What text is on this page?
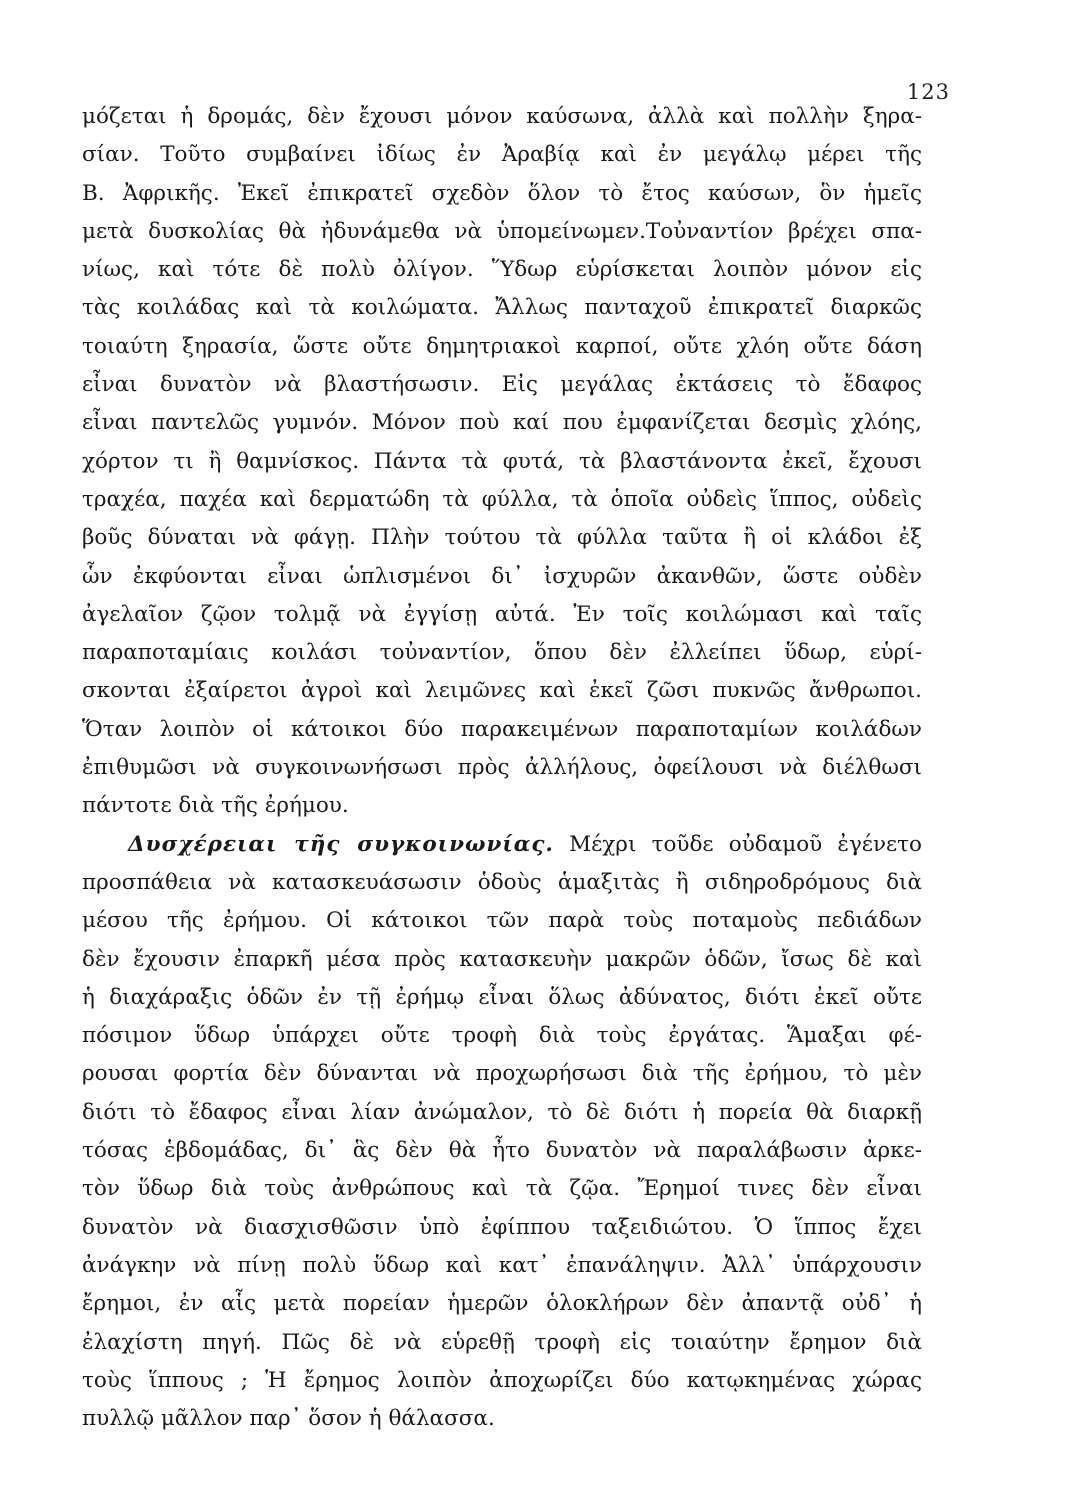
123
μόζεται ἡ δρομάς, δὲν ἔχουσι μόνον καύσωνα, ἀλλὰ καὶ πολλὴν ξηρα-
σίαν. Τοῦτο συμβαίνει ἰδίως ἐν Ἀραβίᾳ καὶ ἐν μεγάλῳ μέρει τῆς
Β. Ἀφρικῆς. Ἐκεῖ ἐπικρατεῖ σχεδὸν ὅλον τὸ ἔτος καύσων, ὃν ἡμεῖς
μετὰ δυσκολίας θὰ ἠδυνάμεθα νὰ ὑπομείνωμεν.Τοὐναντίον βρέχει σπα-
νίως, καὶ τότε δὲ πολὺ ὀλίγον. Ὕδωρ εὑρίσκεται λοιπὸν μόνον εἰς
τὰς κοιλάδας καὶ τὰ κοιλώματα. Ἄλλως πανταχοῦ ἐπικρατεῖ διαρκῶς
τοιαύτη ξηρασία, ὥστε οὔτε δημητριακοὶ καρποί, οὔτε χλόη οὔτε δάση
εἶναι δυνατὸν νὰ βλαστήσωσιν. Εἰς μεγάλας ἐκτάσεις τὸ ἔδαφος
εἶναι παντελῶς γυμνόν. Μόνον ποὺ καί που ἐμφανίζεται δεσμὶς χλόης,
χόρτον τι ἢ θαμνίσκος. Πάντα τὰ φυτά, τὰ βλαστάνοντα ἐκεῖ, ἔχουσι
τραχέα, παχέα καὶ δερματώδη τὰ φύλλα, τὰ ὁποῖα οὐδεὶς ἵππος, οὐδεὶς
βοῦς δύναται νὰ φάγῃ. Πλὴν τούτου τὰ φύλλα ταῦτα ἢ οἱ κλάδοι ἐξ
ὧν ἐκφύονται εἶναι ὡπλισμένοι δι᾽ ἰσχυρῶν ἀκανθῶν, ὥστε οὐδὲν
ἀγελαῖον ζῷον τολμᾷ νὰ ἐγγίσῃ αὐτά. Ἐν τοῖς κοιλώμασι καὶ ταῖς
παραποταμίαις κοιλάσι τοὐναντίον, ὅπου δὲν ἐλλείπει ὕδωρ, εὑρί-
σκονται ἐξαίρετοι ἀγροὶ καὶ λειμῶνες καὶ ἐκεῖ ζῶσι πυκνῶς ἄνθρωποι.
Ὅταν λοιπὸν οἱ κάτοικοι δύο παρακειμένων παραποταμίων κοιλάδων
ἐπιθυμῶσι νὰ συγκοινωνήσωσι πρὸς ἀλλήλους, ὀφείλουσι νὰ διέλθωσι
πάντοτε διὰ τῆς ἐρήμου.
Δυσχέρειαι τῆς συγκοινωνίας. Μέχρι τοῦδε οὐδαμοῦ ἐγένετο
προσπάθεια νὰ κατασκευάσωσιν ὁδοὺς ἁμαξιτὰς ἢ σιδηροδρόμους διὰ
μέσου τῆς ἐρήμου. Οἱ κάτοικοι τῶν παρὰ τοὺς ποταμοὺς πεδιάδων
δὲν ἔχουσιν ἐπαρκῆ μέσα πρὸς κατασκευὴν μακρῶν ὁδῶν, ἴσως δὲ καὶ
ἡ διαχάραξις ὁδῶν ἐν τῇ ἐρήμῳ εἶναι ὅλως ἀδύνατος, διότι ἐκεῖ οὔτε
πόσιμον ὕδωρ ὑπάρχει οὔτε τροφὴ διὰ τοὺς ἐργάτας. Ἅμαξαι φέ-
ρουσαι φορτία δὲν δύνανται νὰ προχωρήσωσι διὰ τῆς ἐρήμου, τὸ μὲν
διότι τὸ ἔδαφος εἶναι λίαν ἀνώμαλον, τὸ δὲ διότι ἡ πορεία θὰ διαρκῇ
τόσας ἑβδομάδας, δι᾽ ἃς δὲν θὰ ἦτο δυνατὸν νὰ παραλάβωσιν ἀρκε-
τὸν ὕδωρ διὰ τοὺς ἀνθρώπους καὶ τὰ ζῷα. Ἔρημοί τινες δὲν εἶναι
δυνατὸν νὰ διασχισθῶσιν ὑπὸ ἐφίππου ταξειδιώτου. Ὁ ἵππος ἔχει
ἀνάγκην νὰ πίνῃ πολὺ ὕδωρ καὶ κατ᾽ ἐπανάληψιν. Ἀλλ᾽ ὑπάρχουσιν
ἔρημοι, ἐν αἷς μετὰ πορείαν ἡμερῶν ὁλοκλήρων δὲν ἀπαντᾷ οὐδ᾽ ἡ
ἐλαχίστη πηγή. Πῶς δὲ νὰ εὑρεθῇ τροφὴ εἰς τοιαύτην ἔρημον διὰ
τοὺς ἵππους ; Ἡ ἔρημος λοιπὸν ἀποχωρίζει δύο κατῳκημένας χώρας
πυλλῷ μᾶλλον παρ᾽ ὅσον ἡ θάλασσα.
